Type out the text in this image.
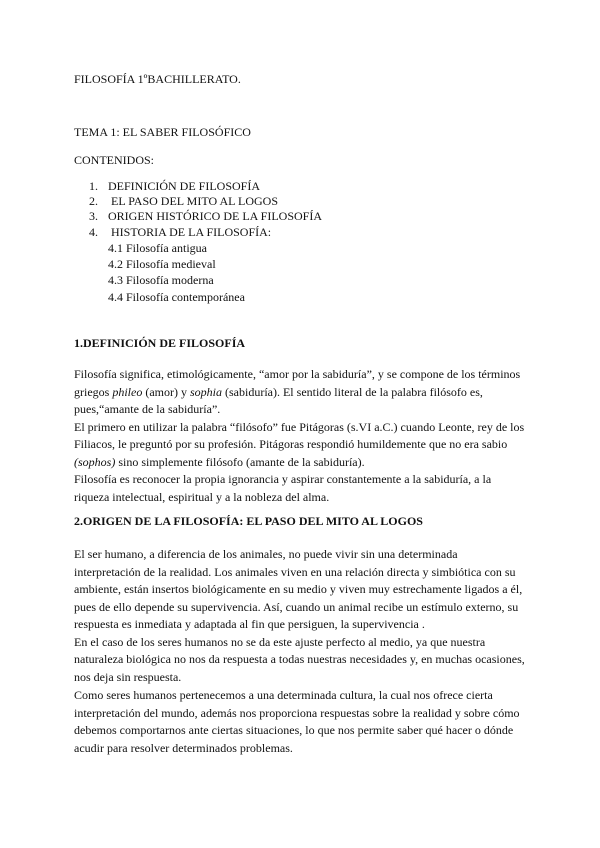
FILOSOFÍA 1ºBACHILLERATO.
TEMA 1: EL SABER FILOSÓFICO
CONTENIDOS:
1. DEFINICIÓN DE FILOSOFÍA
2. EL PASO DEL MITO AL LOGOS
3. ORIGEN HISTÓRICO DE LA FILOSOFÍA
4. HISTORIA DE LA FILOSOFÍA:
4.1 Filosofía antigua
4.2 Filosofía medieval
4.3 Filosofía moderna
4.4 Filosofía contemporánea
1.DEFINICIÓN DE FILOSOFÍA

Filosofía significa, etimológicamente, “amor por la sabiduría”, y se compone de los términos

griegos phileo (amor) y sophia (sabiduría). El sentido literal de la palabra filósofo es,

pues,“amante de la sabiduría”.

El primero en utilizar la palabra “filósofo” fue Pitágoras (s.VI a.C.) cuando Leonte, rey de los

Filiacos, le preguntó por su profesión. Pitágoras respondió humildemente que no era sabio

(sophos) sino simplemente filósofo (amante de la sabiduría).

Filosofía es reconocer la propia ignorancia y aspirar constantemente a la sabiduría, a la

riqueza intelectual, espiritual y a la nobleza del alma.

2.ORIGEN DE LA FILOSOFÍA: EL PASO DEL MITO AL LOGOS

El ser humano, a diferencia de los animales, no puede vivir sin una determinada

interpretación de la realidad. Los animales viven en una relación directa y simbiótica con su

ambiente, están insertos biológicamente en su medio y viven muy estrechamente ligados a él,

pues de ello depende su supervivencia. Así, cuando un animal recibe un estímulo externo, su

respuesta es inmediata y adaptada al fin que persiguen, la supervivencia .

En el caso de los seres humanos no se da este ajuste perfecto al medio, ya que nuestra

naturaleza biológica no nos da respuesta a todas nuestras necesidades y, en muchas ocasiones,

nos deja sin respuesta.

Como seres humanos pertenecemos a una determinada cultura, la cual nos ofrece cierta

interpretación del mundo, además nos proporciona respuestas sobre la realidad y sobre cómo

debemos comportarnos ante ciertas situaciones, lo que nos permite saber qué hacer o dónde

acudir para resolver determinados problemas.
